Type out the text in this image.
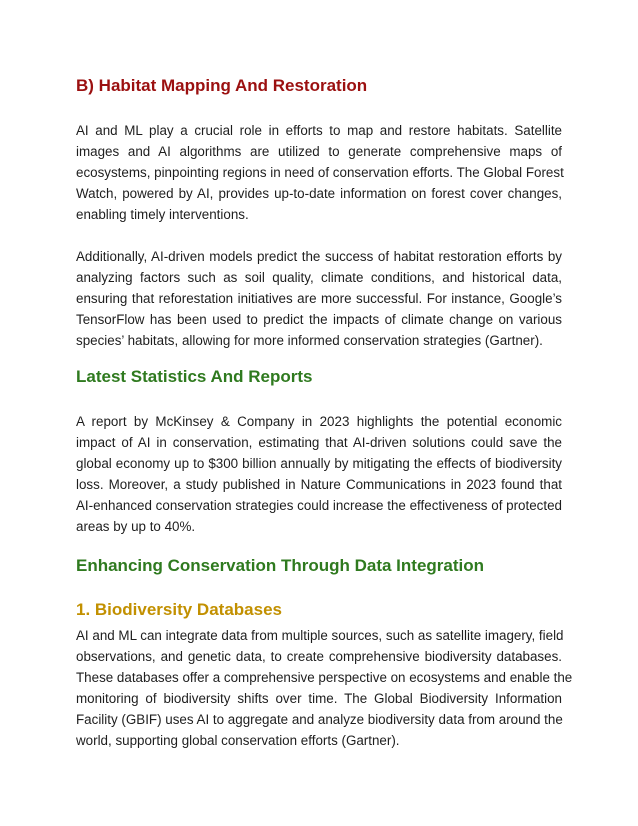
B) Habitat Mapping And Restoration
AI and ML play a crucial role in efforts to map and restore habitats. Satellite
images and AI algorithms are utilized to generate comprehensive maps of
ecosystems, pinpointing regions in need of conservation efforts. The Global Forest
Watch, powered by AI, provides up-to-date information on forest cover changes,
enabling timely interventions.
Additionally, AI-driven models predict the success of habitat restoration efforts by
analyzing factors such as soil quality, climate conditions, and historical data,
ensuring that reforestation initiatives are more successful. For instance, Google’s
TensorFlow has been used to predict the impacts of climate change on various
species’ habitats, allowing for more informed conservation strategies (Gartner).
Latest Statistics And Reports
A report by McKinsey & Company in 2023 highlights the potential economic
impact of AI in conservation, estimating that AI-driven solutions could save the
global economy up to $300 billion annually by mitigating the effects of biodiversity
loss. Moreover, a study published in Nature Communications in 2023 found that
AI-enhanced conservation strategies could increase the effectiveness of protected
areas by up to 40%.
Enhancing Conservation Through Data Integration
1. Biodiversity Databases
AI and ML can integrate data from multiple sources, such as satellite imagery, field
observations, and genetic data, to create comprehensive biodiversity databases.
These databases offer a comprehensive perspective on ecosystems and enable the
monitoring of biodiversity shifts over time. The Global Biodiversity Information
Facility (GBIF) uses AI to aggregate and analyze biodiversity data from around the
world, supporting global conservation efforts (Gartner).
